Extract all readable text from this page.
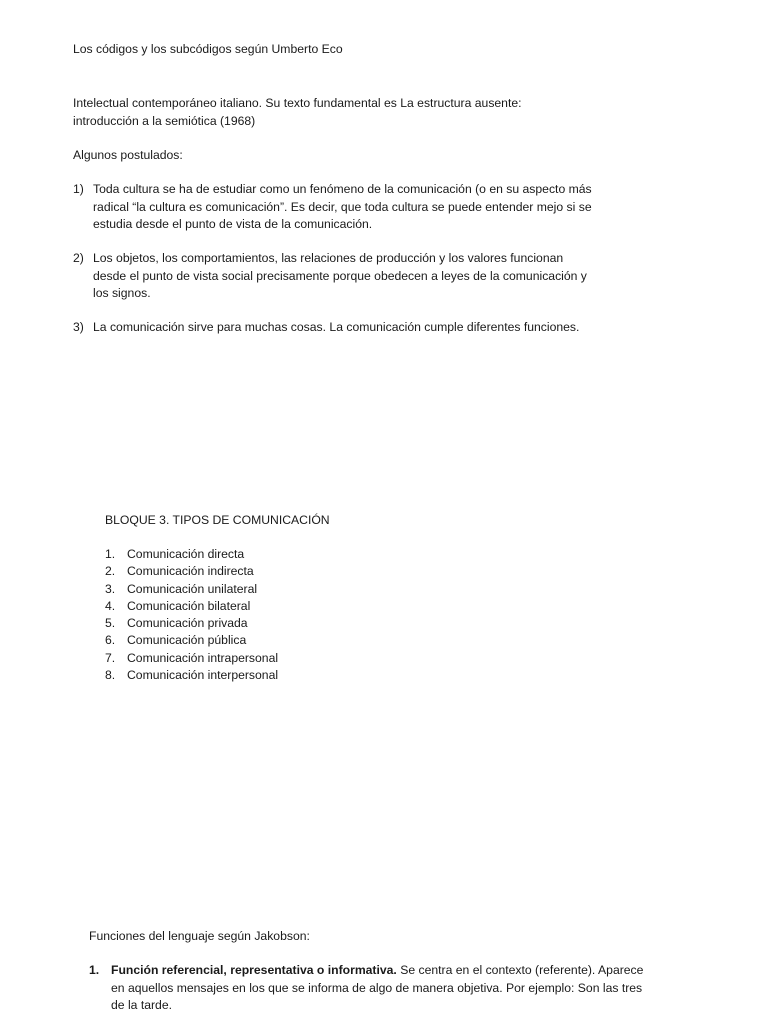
Los códigos y los subcódigos según Umberto Eco
Intelectual contemporáneo italiano. Su texto fundamental es La estructura ausente:
introducción a la semiótica (1968)
Algunos postulados:
1) Toda cultura se ha de estudiar como un fenómeno de la comunicación (o en su aspecto más
radical “la cultura es comunicación”. Es decir, que toda cultura se puede entender mejo si se
estudia desde el punto de vista de la comunicación.
2) Los objetos, los comportamientos, las relaciones de producción y los valores funcionan
desde el punto de vista social precisamente porque obedecen a leyes de la comunicación y
los signos.
3) La comunicación sirve para muchas cosas. La comunicación cumple diferentes funciones.
BLOQUE 3. TIPOS DE COMUNICACIÓN
1. Comunicación directa
2. Comunicación indirecta
3. Comunicación unilateral
4. Comunicación bilateral
5. Comunicación privada
6. Comunicación pública
7. Comunicación intrapersonal
8. Comunicación interpersonal
Funciones del lenguaje según Jakobson:
1. Función referencial, representativa o informativa. Se centra en el contexto (referente). Aparece en aquellos mensajes en los que se informa de algo de manera objetiva. Por ejemplo: Son las tres de la tarde.
